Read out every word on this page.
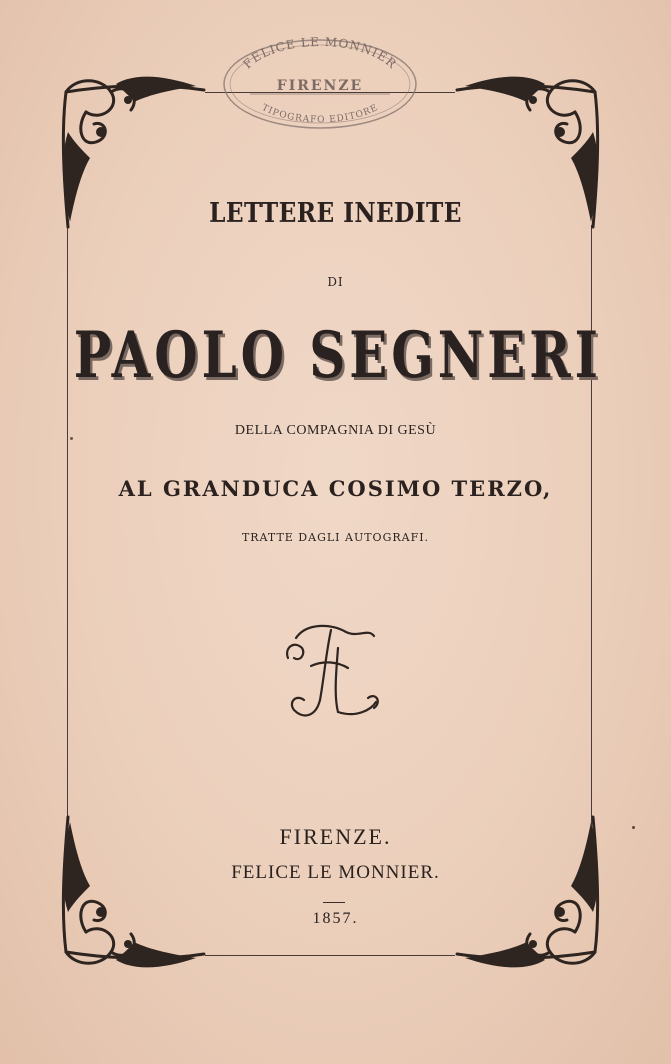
FELICE LE MONNIER
FIRENZE
TIPOGRAFO EDITORE
LETTERE INEDITE
DI
PAOLO SEGNERI
DELLA COMPAGNIA DI GESÙ
AL GRANDUCA COSIMO TERZO,
TRATTE DAGLI AUTOGRAFI.
FIRENZE.
FELICE LE MONNIER.
1857.
